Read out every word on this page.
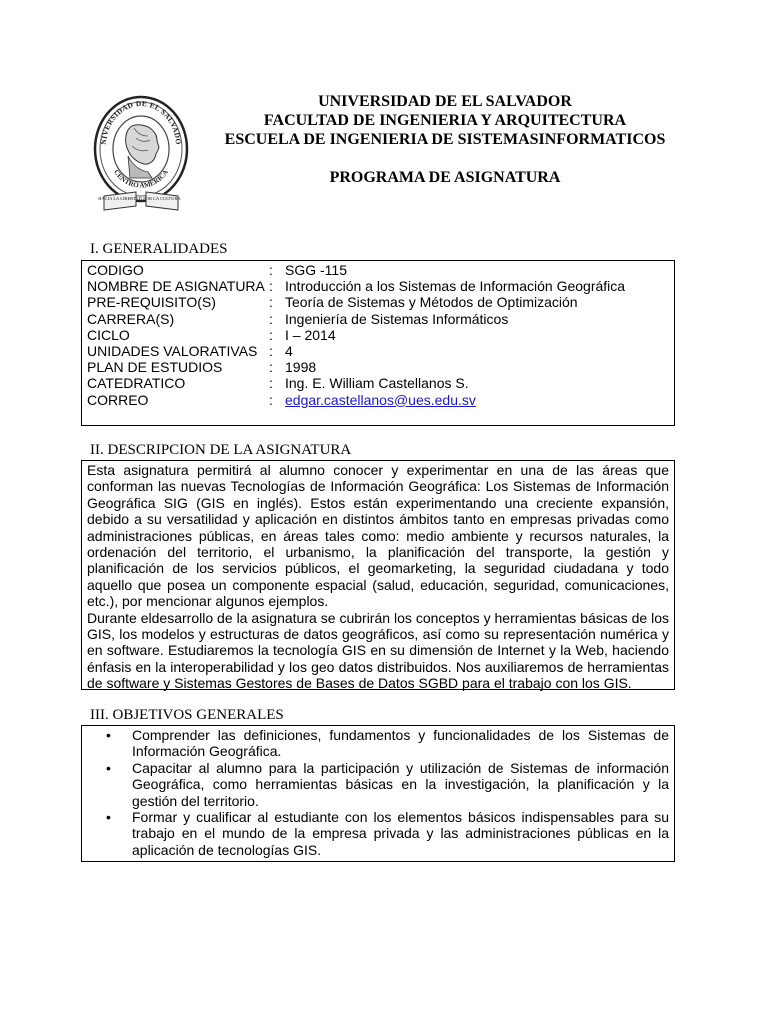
NIVERSIDAD DE EL SALVADO
CENTRO AMERICA
HACIA LA LIBERTAD POR LA CULTURA
UNIVERSIDAD DE EL SALVADOR
FACULTAD DE INGENIERIA Y ARQUITECTURA
ESCUELA DE INGENIERIA DE SISTEMASINFORMATICOS
PROGRAMA DE ASIGNATURA
I. GENERALIDADES
CODIGO	: SGG -115
NOMBRE DE ASIGNATURA : Introducción a los Sistemas de Información Geográfica
PRE-REQUISITO(S)	: Teoría de Sistemas y Métodos de Optimización
CARRERA(S)	: Ingeniería de Sistemas Informáticos
CICLO	: I – 2014
UNIDADES VALORATIVAS : 4
PLAN DE ESTUDIOS	: 1998
CATEDRATICO	: Ing. E. William Castellanos S.
CORREO	: edgar.castellanos@ues.edu.sv
II. DESCRIPCION DE LA ASIGNATURA

Esta asignatura permitirá al alumno conocer y experimentar en una de las áreas que conforman las nuevas Tecnologías de Información Geográfica: Los Sistemas de Información Geográfica SIG (GIS en inglés). Estos están experimentando una creciente expansión, debido a su versatilidad y aplicación en distintos ámbitos tanto en empresas privadas como administraciones públicas, en áreas tales como: medio ambiente y recursos naturales, la ordenación del territorio, el urbanismo, la planificación del transporte, la gestión y planificación de los servicios públicos, el geomarketing, la seguridad ciudadana y todo aquello que posea un componente espacial (salud, educación, seguridad, comunicaciones, etc.), por mencionar algunos ejemplos.

Durante eldesarrollo de la asignatura se cubrirán los conceptos y herramientas básicas de los GIS, los modelos y estructuras de datos geográficos, así como su representación numérica y en software. Estudiaremos la tecnología GIS en su dimensión de Internet y la Web, haciendo énfasis en la interoperabilidad y los geo datos distribuidos. Nos auxiliaremos de herramientas de software y Sistemas Gestores de Bases de Datos SGBD para el trabajo con los GIS.

III. OBJETIVOS GENERALES
• Comprender las definiciones, fundamentos y funcionalidades de los Sistemas de Información Geográfica.
• Capacitar al alumno para la participación y utilización de Sistemas de información Geográfica, como herramientas básicas en la investigación, la planificación y la gestión del territorio.
• Formar y cualificar al estudiante con los elementos básicos indispensables para su trabajo en el mundo de la empresa privada y las administraciones públicas en la aplicación de tecnologías GIS.
